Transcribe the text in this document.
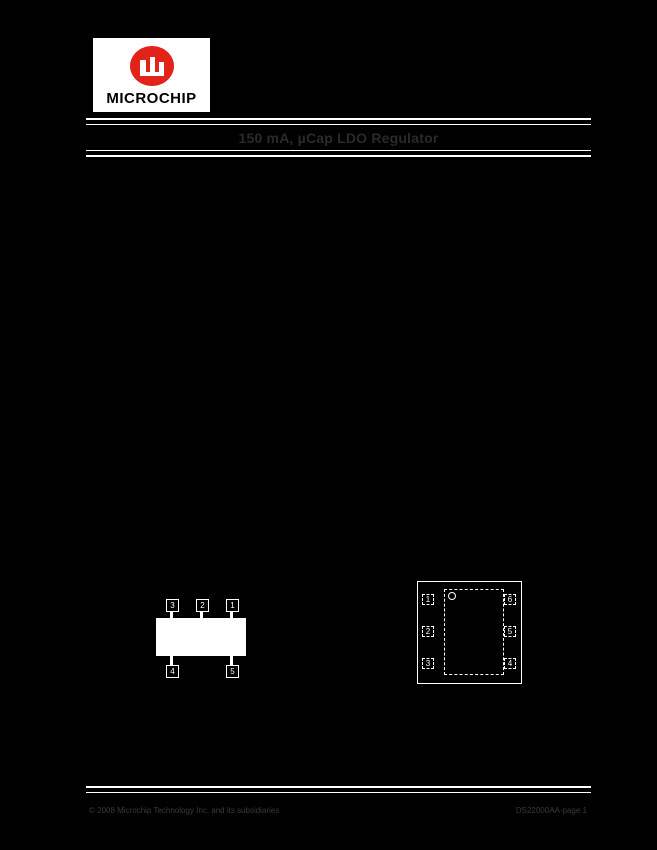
MICROCHIP
150 mA, µCap LDO Regulator
3	2	1
4	5
1
2
3
6
5
4
© 2008 Microchip Technology Inc. and its subsidiaries	DS22000AA-page 1
